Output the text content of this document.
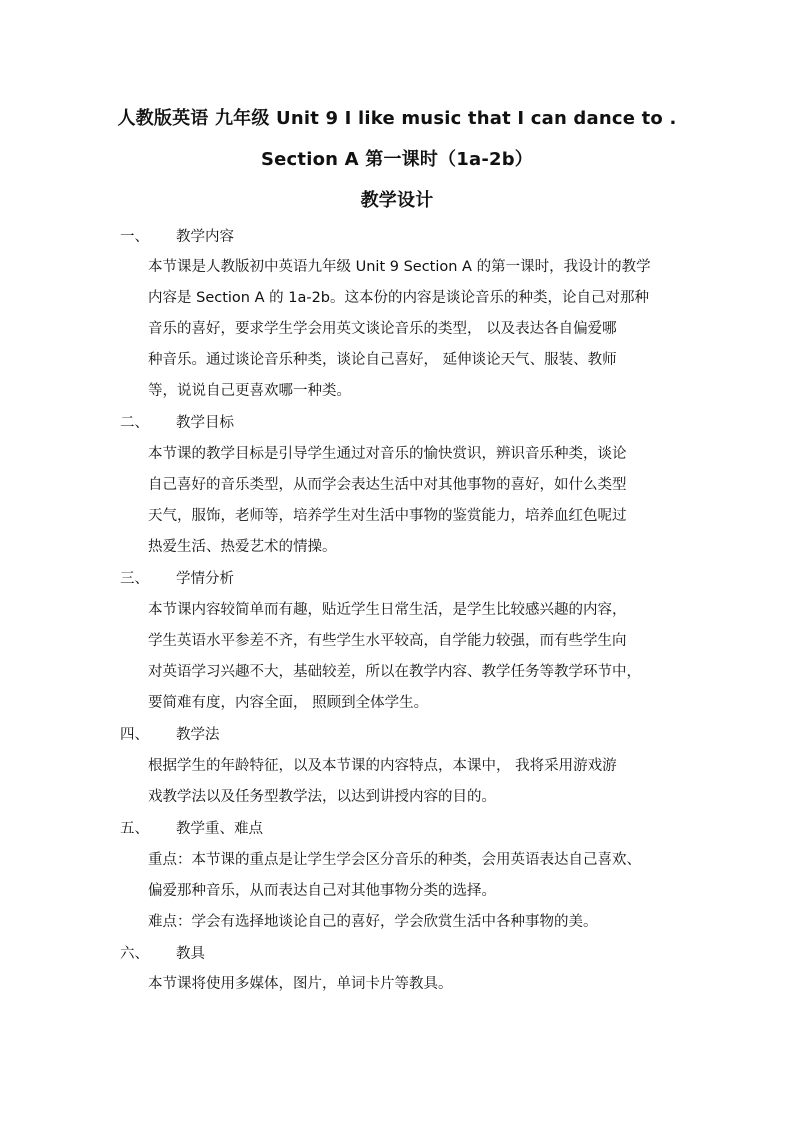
人教版英语 九年级 Unit 9 I like music that I can dance to .
Section A 第一课时（1a-2b）
教学设计
一、 教学内容
本节课是人教版初中英语九年级 Unit 9 Section A 的第一课时，我设计的教学
内容是 Section A 的 1a-2b。这本份的内容是谈论音乐的种类，论自己对那种
音乐的喜好，要求学生学会用英文谈论音乐的类型， 以及表达各自偏爱哪
种音乐。通过谈论音乐种类，谈论自己喜好， 延伸谈论天气、服装、教师
等，说说自己更喜欢哪一种类。
二、 教学目标
本节课的教学目标是引导学生通过对音乐的愉快赏识，辨识音乐种类，谈论
自己喜好的音乐类型，从而学会表达生活中对其他事物的喜好，如什么类型
天气，服饰，老师等，培养学生对生活中事物的鉴赏能力，培养血红色呢过
热爱生活、热爱艺术的情操。
三、 学情分析
本节课内容较简单而有趣，贴近学生日常生活，是学生比较感兴趣的内容，
学生英语水平参差不齐，有些学生水平较高，自学能力较强，而有些学生向
对英语学习兴趣不大，基础较差，所以在教学内容、教学任务等教学环节中，
要简难有度，内容全面， 照顾到全体学生。
四、 教学法
根据学生的年龄特征，以及本节课的内容特点，本课中， 我将采用游戏游
戏教学法以及任务型教学法，以达到讲授内容的目的。
五、 教学重、难点
重点：本节课的重点是让学生学会区分音乐的种类，会用英语表达自己喜欢、
偏爱那种音乐，从而表达自己对其他事物分类的选择。
难点：学会有选择地谈论自己的喜好，学会欣赏生活中各种事物的美。
六、 教具
本节课将使用多媒体，图片，单词卡片等教具。
